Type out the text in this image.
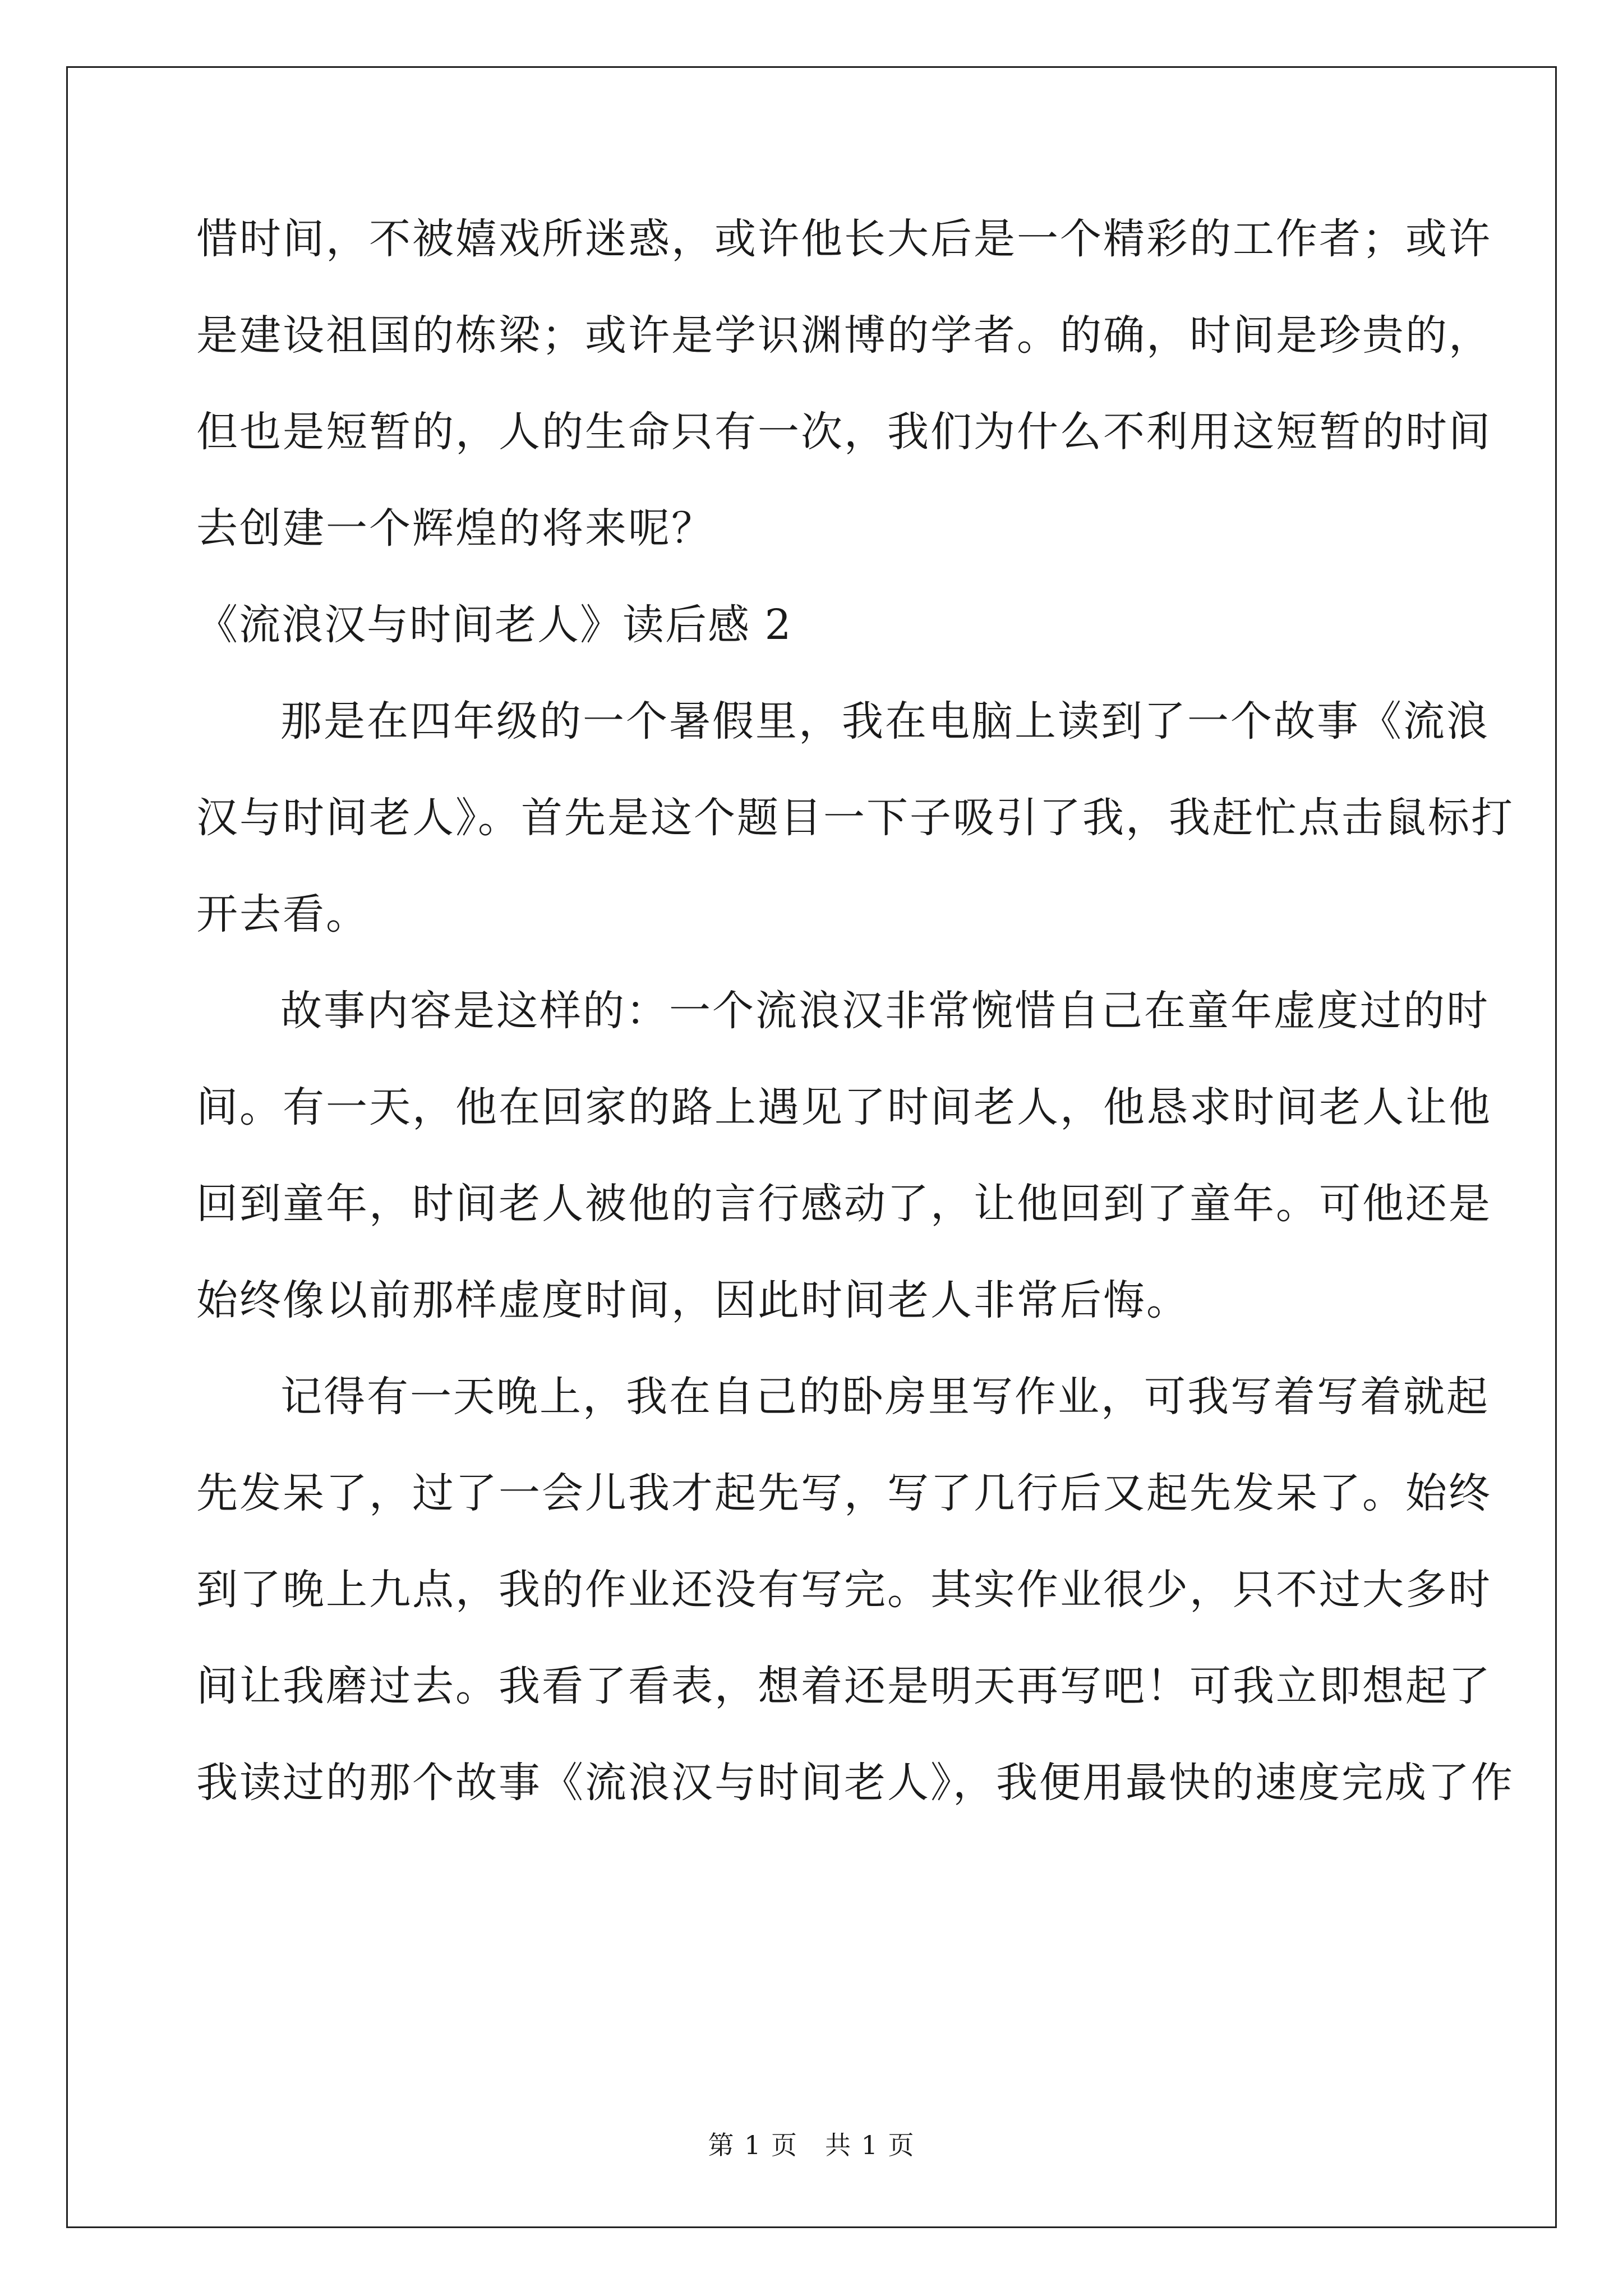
惜时间，不被嬉戏所迷惑，或许他长大后是一个精彩的工作者；或许
是建设祖国的栋梁；或许是学识渊博的学者。的确，时间是珍贵的，
但也是短暂的，人的生命只有一次，我们为什么不利用这短暂的时间
去创建一个辉煌的将来呢？
《流浪汉与时间老人》读后感 2
那是在四年级的一个暑假里，我在电脑上读到了一个故事《流浪
汉与时间老人》。首先是这个题目一下子吸引了我，我赶忙点击鼠标打
开去看。
故事内容是这样的：一个流浪汉非常惋惜自己在童年虚度过的时
间。有一天，他在回家的路上遇见了时间老人，他恳求时间老人让他
回到童年，时间老人被他的言行感动了，让他回到了童年。可他还是
始终像以前那样虚度时间，因此时间老人非常后悔。
记得有一天晚上，我在自己的卧房里写作业，可我写着写着就起
先发呆了，过了一会儿我才起先写，写了几行后又起先发呆了。始终
到了晚上九点，我的作业还没有写完。其实作业很少，只不过大多时
间让我磨过去。我看了看表，想着还是明天再写吧！可我立即想起了
我读过的那个故事《流浪汉与时间老人》，我便用最快的速度完成了作
第 1 页　共 1 页
